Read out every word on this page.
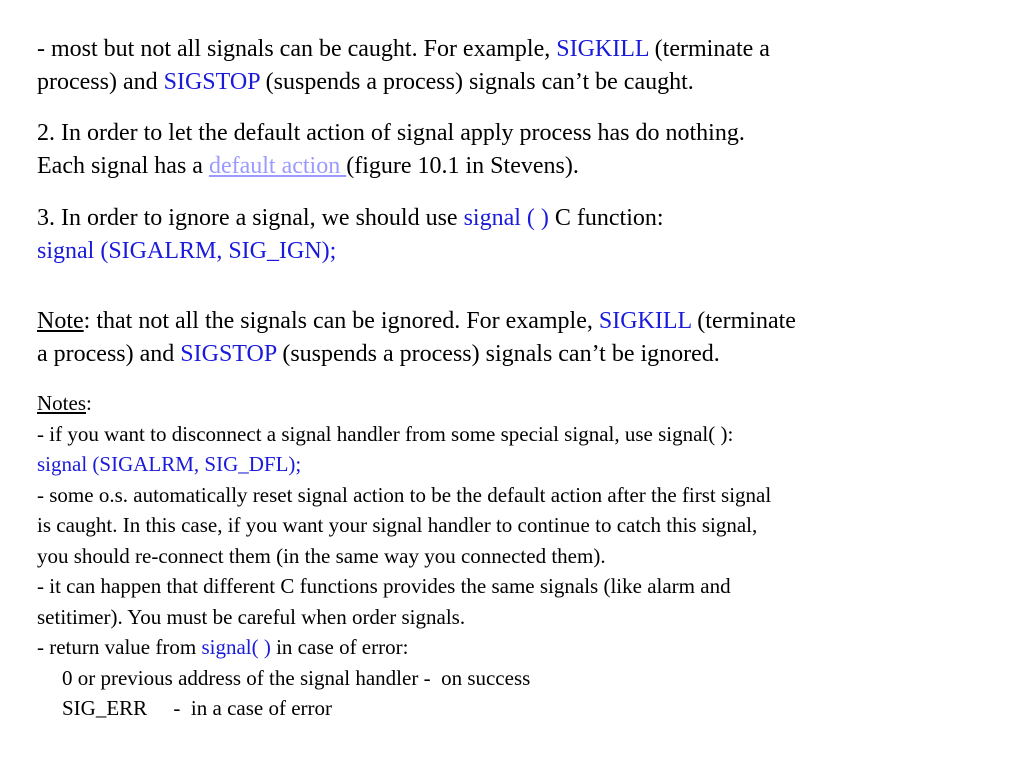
- most but not all signals can be caught. For example, SIGKILL (terminate a
process) and SIGSTOP (suspends a process) signals can’t be caught.

2. In order to let the default action of signal apply process has do nothing.
Each signal has a default action (figure 10.1 in Stevens).

3. In order to ignore a signal, we should use signal ( ) C function:
signal (SIGALRM, SIG_IGN);

Note: that not all the signals can be ignored. For example, SIGKILL (terminate
a process) and SIGSTOP (suspends a process) signals can’t be ignored.

Notes:

- if you want to disconnect a signal handler from some special signal, use signal( ):

signal (SIGALRM, SIG_DFL);

- some o.s. automatically reset signal action to be the default action after the first signal

is caught. In this case, if you want your signal handler to continue to catch this signal,

you should re-connect them (in the same way you connected them).

- it can happen that different C functions provides the same signals (like alarm and

setitimer). You must be careful when order signals.

- return value from signal( ) in case of error:

0 or previous address of the signal handler -  on success

SIG_ERR     -  in a case of error
